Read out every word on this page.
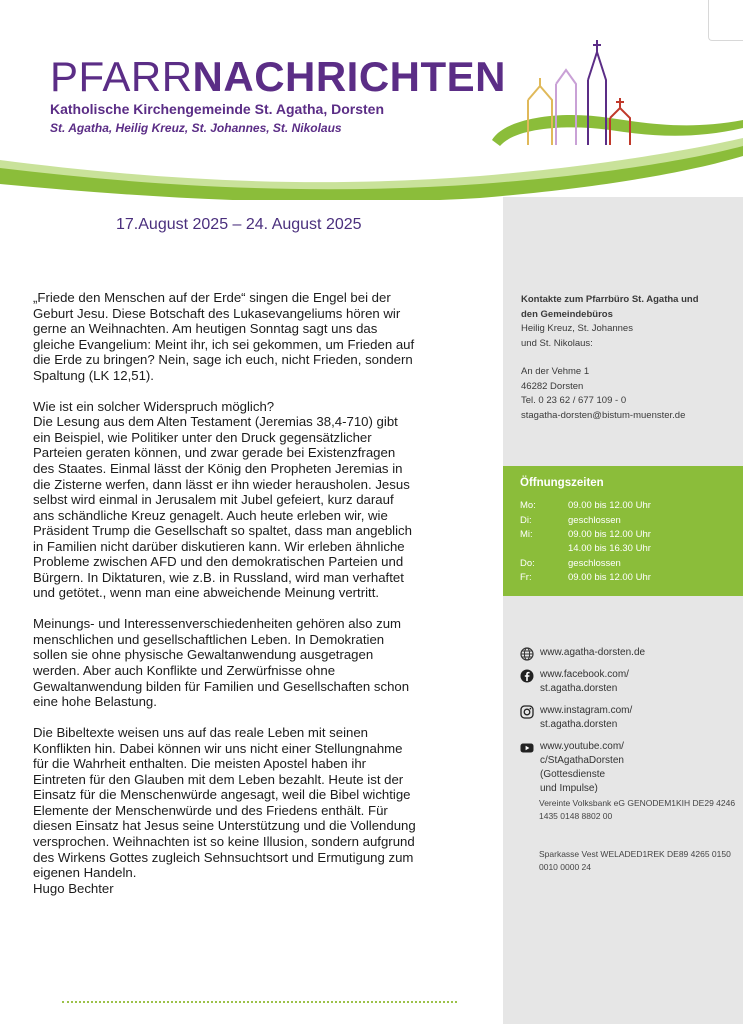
PFARRNACHRICHTEN
Katholische Kirchengemeinde St. Agatha, Dorsten
St. Agatha, Heilig Kreuz, St. Johannes, St. Nikolaus
17.August 2025 – 24. August 2025
Kontakte zum Pfarrbüro St. Agatha und
den Gemeindebüros
Heilig Kreuz, St. Johannes
und St. Nikolaus:
An der Vehme 1
46282 Dorsten
Tel. 0 23 62 / 677 109 - 0
stagatha-dorsten@bistum-muenster.de
Öffnungszeiten
Mo:	09.00 bis 12.00 Uhr
Di:	geschlossen
Mi:	09.00 bis 12.00 Uhr
14.00 bis 16.30 Uhr
Do:	geschlossen
Fr:	09.00 bis 12.00 Uhr
www.agatha-dorsten.de
www.facebook.com/
st.agatha.dorsten
www.instagram.com/
st.agatha.dorsten
www.youtube.com/
c/StAgathaDorsten
(Gottesdienste und Impulse)
Vereinte Volksbank eG GENODEM1KIH DE29 4246 1435 0148 8802 00
Sparkasse Vest WELADED1REK DE89 4265 0150 0010 0000 24

„Friede den Menschen auf der Erde“ singen die Engel bei der
Geburt Jesu. Diese Botschaft des Lukasevangeliums hören wir
gerne an Weihnachten. Am heutigen Sonntag sagt uns das
gleiche Evangelium: Meint ihr, ich sei gekommen, um Frieden auf
die Erde zu bringen? Nein, sage ich euch, nicht Frieden, sondern
Spaltung (LK 12,51).

Wie ist ein solcher Widerspruch möglich?
Die Lesung aus dem Alten Testament (Jeremias 38,4-710) gibt
ein Beispiel, wie Politiker unter den Druck gegensätzlicher
Parteien geraten können, und zwar gerade bei Existenzfragen
des Staates. Einmal lässt der König den Propheten Jeremias in
die Zisterne werfen, dann lässt er ihn wieder herausholen. Jesus
selbst wird einmal in Jerusalem mit Jubel gefeiert, kurz darauf
ans schändliche Kreuz genagelt. Auch heute erleben wir, wie
Präsident Trump die Gesellschaft so spaltet, dass man angeblich
in Familien nicht darüber diskutieren kann. Wir erleben ähnliche
Probleme zwischen AFD und den demokratischen Parteien und
Bürgern. In Diktaturen, wie z.B. in Russland, wird man verhaftet
und getötet., wenn man eine abweichende Meinung vertritt.

Meinungs- und Interessenverschiedenheiten gehören also zum
menschlichen und gesellschaftlichen Leben. In Demokratien
sollen sie ohne physische Gewaltanwendung ausgetragen
werden. Aber auch Konflikte und Zerwürfnisse ohne
Gewaltanwendung bilden für Familien und Gesellschaften schon
eine hohe Belastung.

Die Bibeltexte weisen uns auf das reale Leben mit seinen
Konflikten hin. Dabei können wir uns nicht einer Stellungnahme
für die Wahrheit enthalten. Die meisten Apostel haben ihr
Eintreten für den Glauben mit dem Leben bezahlt. Heute ist der
Einsatz für die Menschenwürde angesagt, weil die Bibel wichtige
Elemente der Menschenwürde und des Friedens enthält. Für
diesen Einsatz hat Jesus seine Unterstützung und die Vollendung
versprochen. Weihnachten ist so keine Illusion, sondern aufgrund
des Wirkens Gottes zugleich Sehnsuchtsort und Ermutigung zum
eigenen Handeln.

Hugo Bechter
